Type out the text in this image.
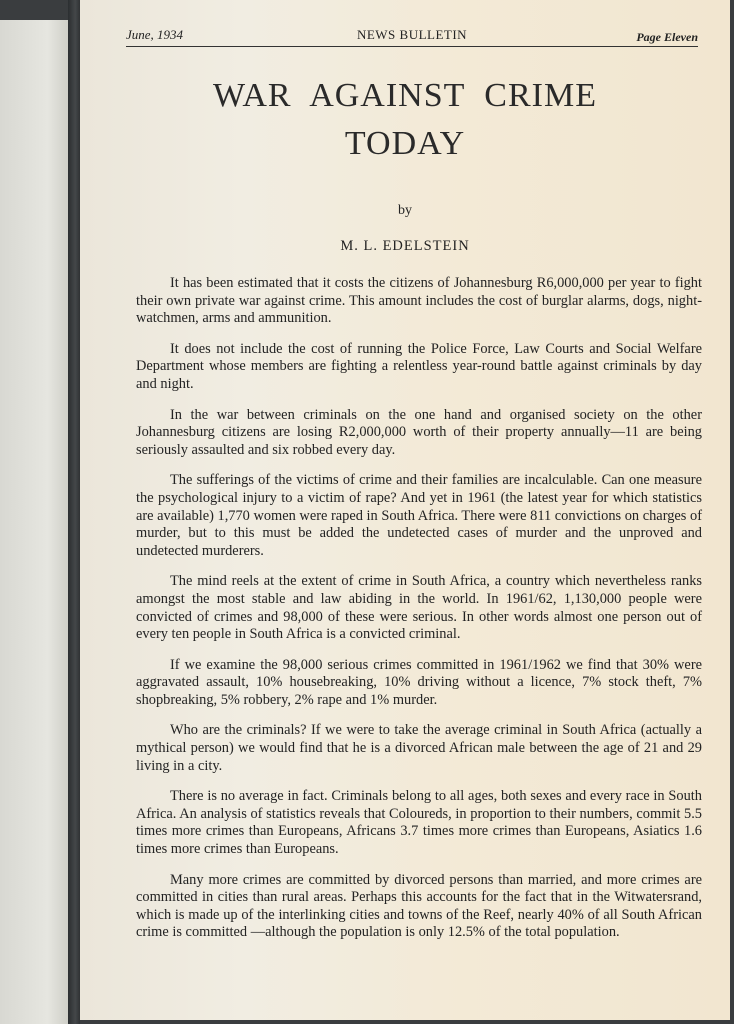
June, 1934	NEWS BULLETIN	Page Eleven
WAR AGAINST CRIME
TODAY
by
M. L. EDELSTEIN

It has been estimated that it costs the citizens of Johannesburg R6,000,000 per year to fight their own private war against crime. This amount includes the cost of burglar alarms, dogs, night-watchmen, arms and ammunition.

It does not include the cost of running the Police Force, Law Courts and Social Welfare Department whose members are fighting a relentless year-round battle against criminals by day and night.

In the war between criminals on the one hand and organised society on the other Johannesburg citizens are losing R2,000,000 worth of their property annually—11 are being seriously assaulted and six robbed every day.

The sufferings of the victims of crime and their families are incalculable. Can one measure the psychological injury to a victim of rape? And yet in 1961 (the latest year for which statistics are available) 1,770 women were raped in South Africa. There were 811 convictions on charges of murder, but to this must be added the undetected cases of murder and the unproved and undetected murderers.

The mind reels at the extent of crime in South Africa, a country which nevertheless ranks amongst the most stable and law abiding in the world. In 1961/62, 1,130,000 people were convicted of crimes and 98,000 of these were serious. In other words almost one person out of every ten people in South Africa is a convicted criminal.

If we examine the 98,000 serious crimes committed in 1961/1962 we find that 30% were aggravated assault, 10% housebreaking, 10% driving without a licence, 7% stock theft, 7% shopbreaking, 5% robbery, 2% rape and 1% murder.

Who are the criminals? If we were to take the average criminal in South Africa (actually a mythical person) we would find that he is a divorced African male between the age of 21 and 29 living in a city.

There is no average in fact. Criminals belong to all ages, both sexes and every race in South Africa. An analysis of statistics reveals that Coloureds, in proportion to their numbers, commit 5.5 times more crimes than Europeans, Africans 3.7 times more crimes than Europeans, Asiatics 1.6 times more crimes than Europeans.

Many more crimes are committed by divorced persons than married, and more crimes are committed in cities than rural areas. Perhaps this accounts for the fact that in the Witwatersrand, which is made up of the interlinking cities and towns of the Reef, nearly 40% of all South African crime is committed —although the population is only 12.5% of the total population.
